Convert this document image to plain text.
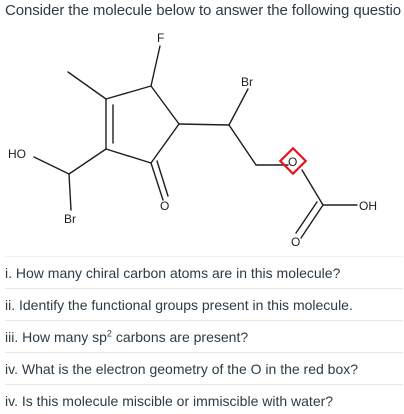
Consider the molecule below to answer the following questio
F
Br
HO
Br
O
O
OH
O
i. How many chiral carbon atoms are in this molecule?
ii. Identify the functional groups present in this molecule.
iii. How many $sp^2$ carbons are present?
iv. What is the electron geometry of the O in the red box?
iv. Is this molecule miscible or immiscible with water?
